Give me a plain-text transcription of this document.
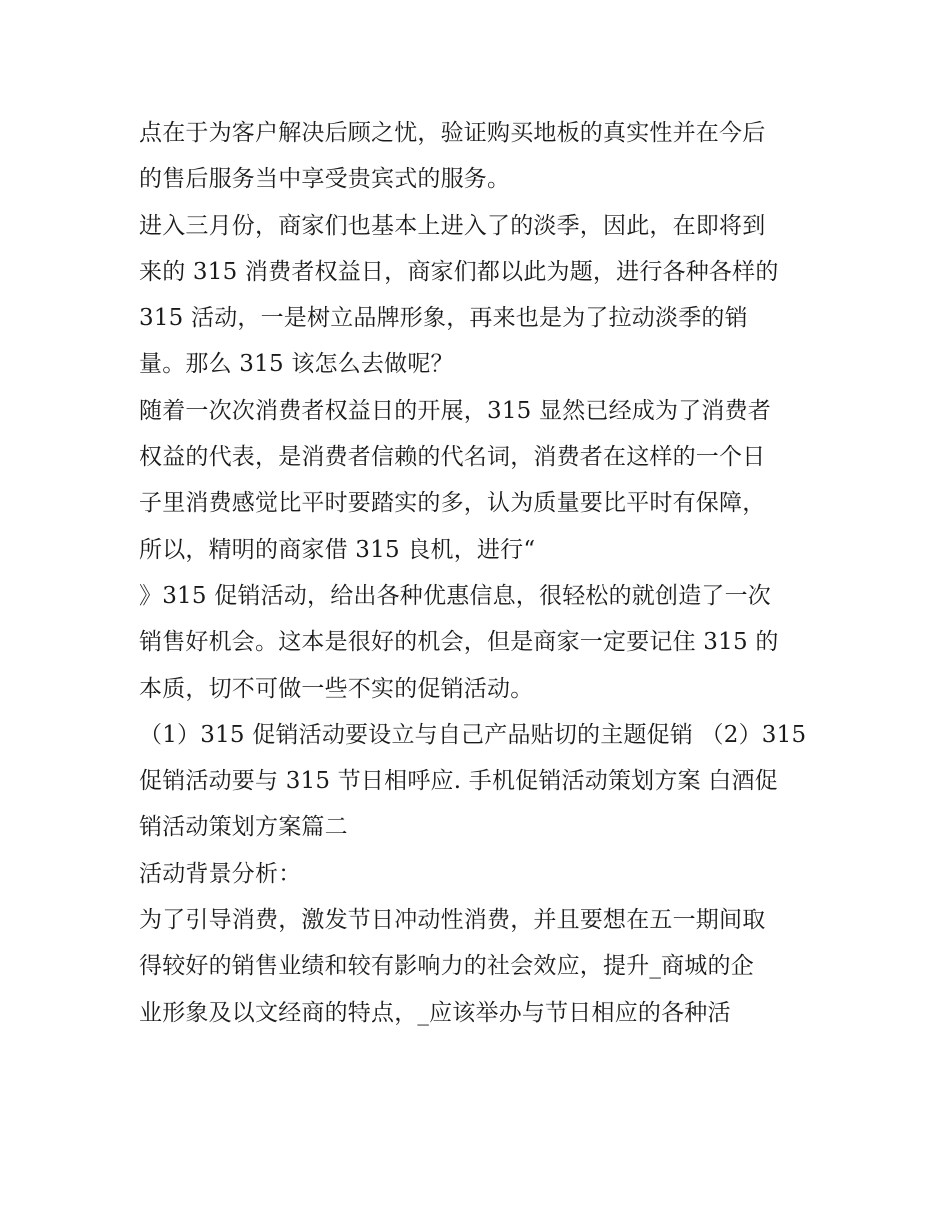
点在于为客户解决后顾之忧，验证购买地板的真实性并在今后
的售后服务当中享受贵宾式的服务。
进入三月份，商家们也基本上进入了的淡季，因此，在即将到
来的 315 消费者权益日，商家们都以此为题，进行各种各样的
315 活动，一是树立品牌形象，再来也是为了拉动淡季的销
量。那么 315 该怎么去做呢？
随着一次次消费者权益日的开展，315 显然已经成为了消费者
权益的代表，是消费者信赖的代名词，消费者在这样的一个日
子里消费感觉比平时要踏实的多，认为质量要比平时有保障，
所以，精明的商家借 315 良机，进行“
》315 促销活动，给出各种优惠信息，很轻松的就创造了一次
销售好机会。这本是很好的机会，但是商家一定要记住 315 的
本质，切不可做一些不实的促销活动。
（1）315 促销活动要设立与自己产品贴切的主题促销 （2）315
促销活动要与 315 节日相呼应. 手机促销活动策划方案 白酒促
销活动策划方案篇二
活动背景分析：
为了引导消费，激发节日冲动性消费，并且要想在五一期间取
得较好的销售业绩和较有影响力的社会效应，提升_商城的企
业形象及以文经商的特点，_应该举办与节日相应的各种活
